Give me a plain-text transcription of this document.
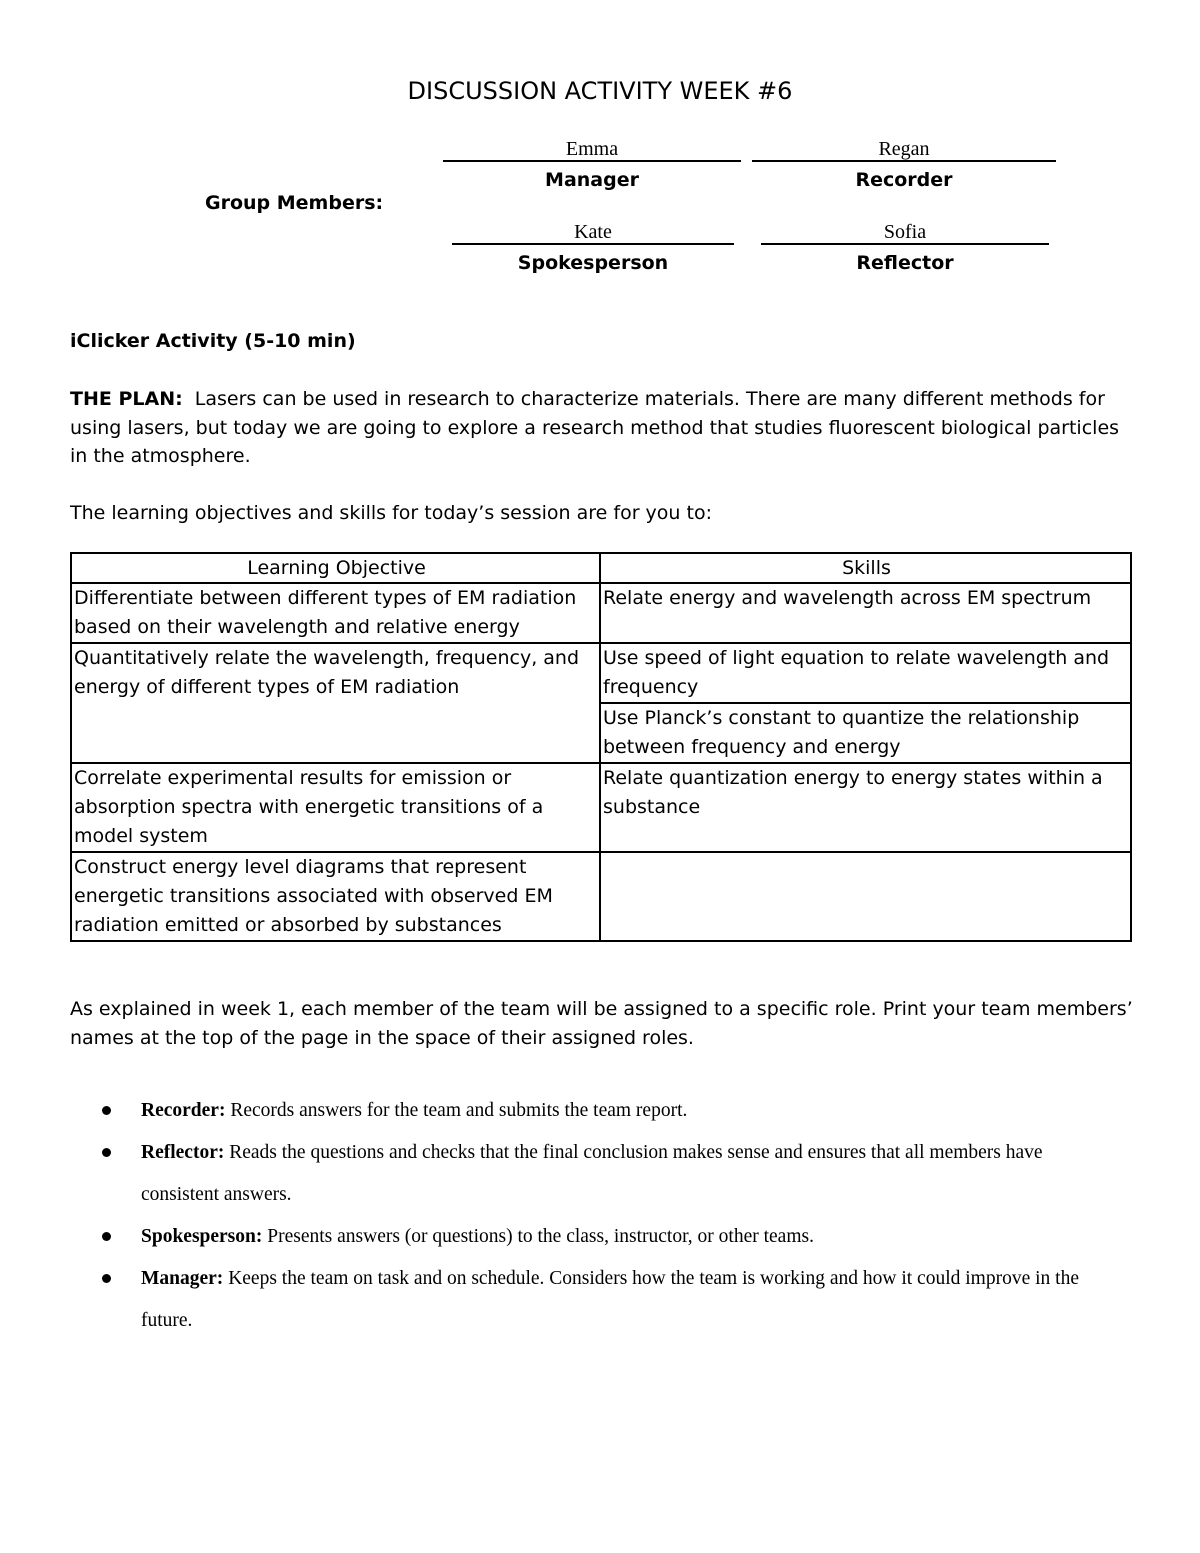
DISCUSSION ACTIVITY WEEK #6
Group Members:
Emma
Manager
Regan
Recorder
Kate
Spokesperson
Sofia
Reflector
iClicker Activity (5-10 min)
THE PLAN: Lasers can be used in research to characterize materials. There are many different methods for using lasers, but today we are going to explore a research method that studies fluorescent biological particles in the atmosphere.
The learning objectives and skills for today’s session are for you to:
Learning Objective	Skills
Differentiate between different types of EM radiation based on their wavelength and relative energy	Relate energy and wavelength across EM spectrum
Quantitatively relate the wavelength, frequency, and energy of different types of EM radiation	Use speed of light equation to relate wavelength and frequency
	Use Planck’s constant to quantize the relationship between frequency and energy
Correlate experimental results for emission or absorption spectra with energetic transitions of a model system	Relate quantization energy to energy states within a substance
Construct energy level diagrams that represent energetic transitions associated with observed EM radiation emitted or absorbed by substances	
As explained in week 1, each member of the team will be assigned to a specific role. Print your team members’ names at the top of the page in the space of their assigned roles.
Recorder: Records answers for the team and submits the team report.
Reflector: Reads the questions and checks that the final conclusion makes sense and ensures that all members have consistent answers.
Spokesperson: Presents answers (or questions) to the class, instructor, or other teams.
Manager: Keeps the team on task and on schedule. Considers how the team is working and how it could improve in the future.
